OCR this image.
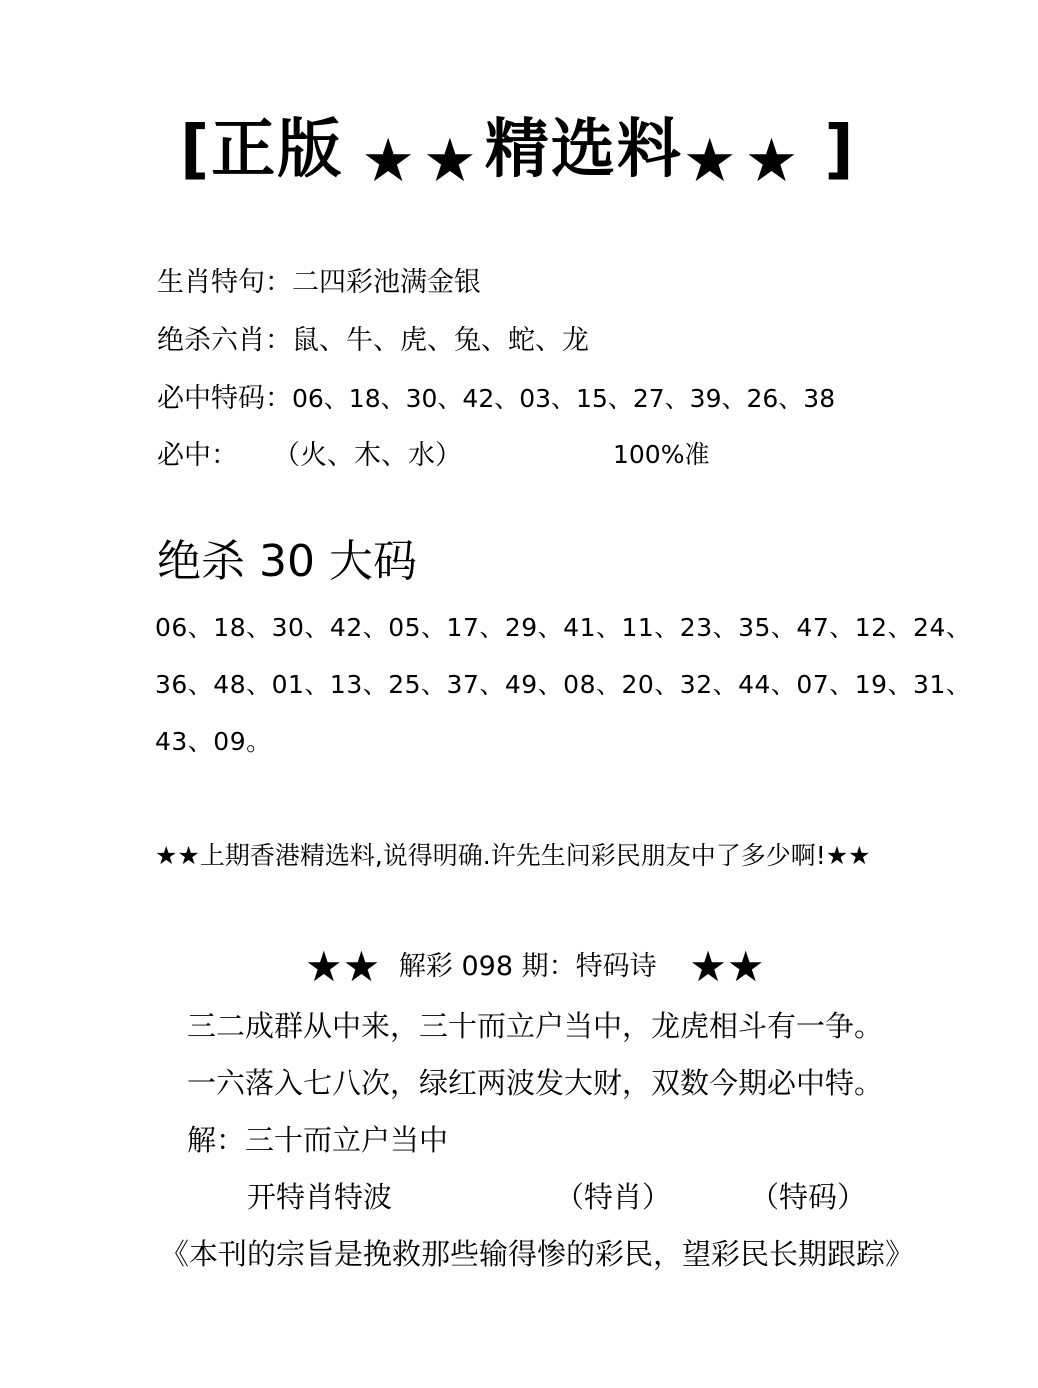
[正版 ★★精选料★★ ]
生肖特句：二四彩池满金银
绝杀六肖：鼠、牛、虎、兔、蛇、龙
必中特码：06、18、30、42、03、15、27、39、26、38
必中： （火、木、水）	100%准
绝杀 30 大码
06、18、30、42、05、17、29、41、11、23、35、47、12、24、
36、48、01、13、25、37、49、08、20、32、44、07、19、31、
43、09。
★★上期香港精选料,说得明确.许先生问彩民朋友中了多少啊!★★
★★ 解彩 098 期：特码诗 ★★
三二成群从中来，三十而立户当中，龙虎相斗有一争。
一六落入七八次，绿红两波发大财，双数今期必中特。
解：三十而立户当中
开特肖特波	（特肖）	（特码）
《本刊的宗旨是挽救那些输得惨的彩民，望彩民长期跟踪》
